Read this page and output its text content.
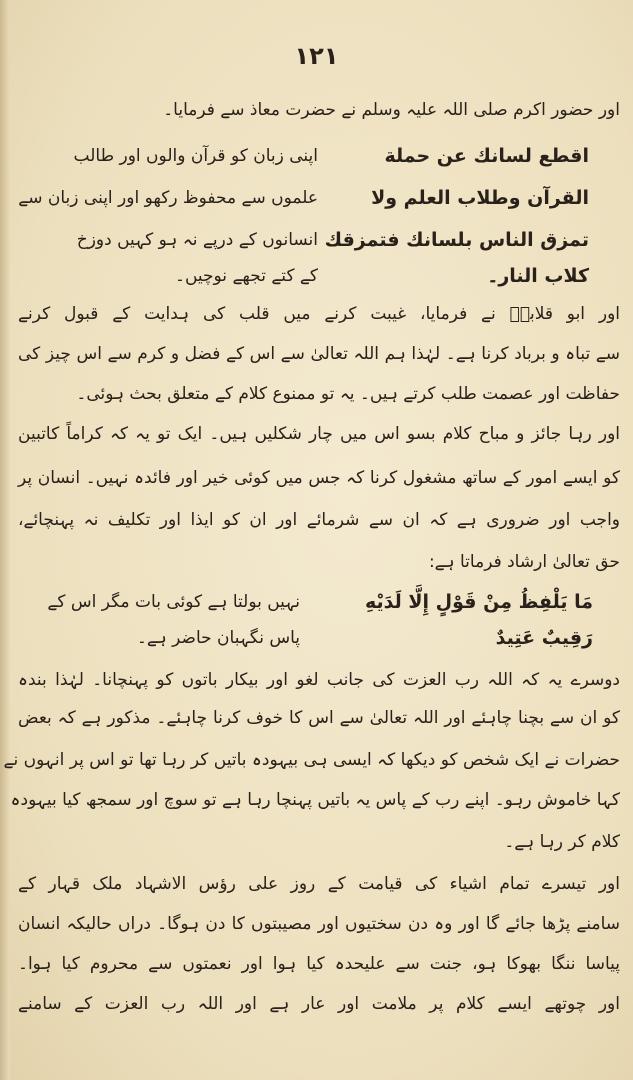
۱۲۱
اور حضور اکرم صلی اللہ علیہ وسلم نے حضرت معاذ سے فرمایا۔
اقطع لسانك عن حملة
اپنی زبان کو قرآن والوں اور طالب
القرآن وطلاب العلم ولا
علموں سے محفوظ رکھو اور اپنی زبان سے
تمزق الناس بلسانك فتمزقك
انسانوں کے درپے نہ ہو کہیں دوزخ
كلاب النار۔
کے کتے تجھے نوچیں۔
اور ابو قلابہؓ نے فرمایا، غیبت کرنے میں قلب کی ہدایت کے قبول کرنے
سے تباہ و برباد کرنا ہے۔ لہٰذا ہم اللہ تعالیٰ سے اس کے فضل و کرم سے اس چیز کی
حفاظت اور عصمت طلب کرتے ہیں۔ یہ تو ممنوع کلام کے متعلق بحث ہوئی۔
اور رہا جائز و مباح کلام بسو اس میں چار شکلیں ہیں۔ ایک تو یہ کہ کراماً کاتبین
کو ایسے امور کے ساتھ مشغول کرنا کہ جس میں کوئی خیر اور فائدہ نہیں۔ انسان پر
واجب اور ضروری ہے کہ ان سے شرمائے اور ان کو ایذا اور تکلیف نہ پہنچائے،
حق تعالیٰ ارشاد فرماتا ہے:
مَا يَلْفِظُ مِنْ قَوْلٍ إِلَّا لَدَيْهِ
نہیں بولتا ہے کوئی بات مگر اس کے
رَقِيبٌ عَتِيدٌ
پاس نگہبان حاضر ہے۔
دوسرے یہ کہ اللہ رب العزت کی جانب لغو اور بیکار باتوں کو پہنچانا۔ لہٰذا بندہ
کو ان سے بچنا چاہئے اور اللہ تعالیٰ سے اس کا خوف کرنا چاہئے۔ مذکور ہے کہ بعض
حضرات نے ایک شخص کو دیکھا کہ ایسی ہی بیہودہ باتیں کر رہا تھا تو اس پر انہوں نے
کہا خاموش رہو۔ اپنے رب کے پاس یہ باتیں پہنچا رہا ہے تو سوچ اور سمجھ کیا بیہودہ
کلام کر رہا ہے۔
اور تیسرے تمام اشیاء کی قیامت کے روز علی رؤس الاشہاد ملک قہار کے
سامنے پڑھا جائے گا اور وہ دن سختیوں اور مصیبتوں کا دن ہوگا۔ دراں حالیکہ انسان
پیاسا ننگا بھوکا ہو، جنت سے علیحدہ کیا ہوا اور نعمتوں سے محروم کیا ہوا۔
اور چوتھے ایسے کلام پر ملامت اور عار ہے اور اللہ رب العزت کے سامنے
